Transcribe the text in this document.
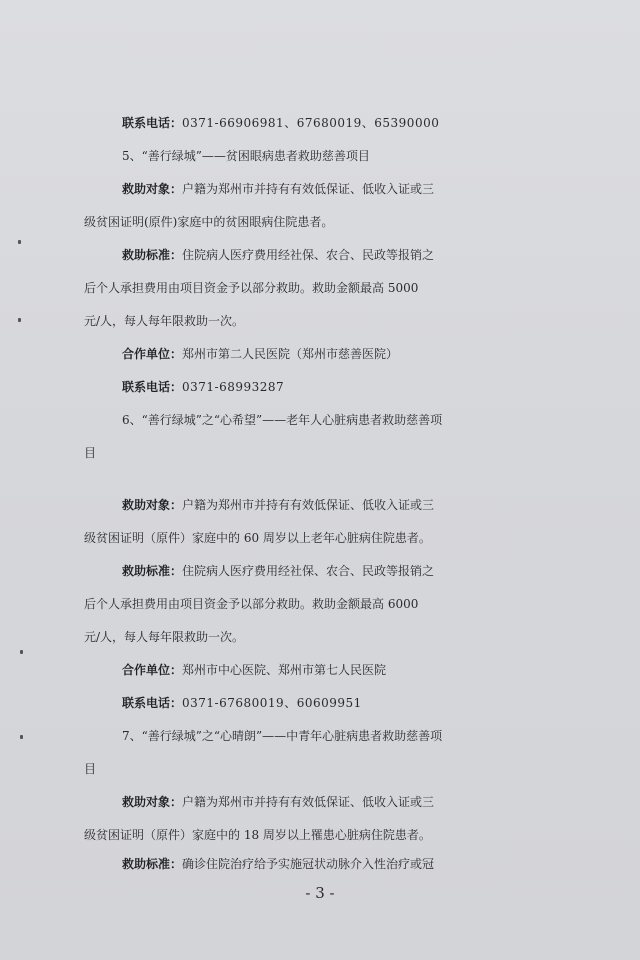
联系电话：0371-66906981、67680019、65390000
5、“善行绿城”——贫困眼病患者救助慈善项目
救助对象：户籍为郑州市并持有有效低保证、低收入证或三
级贫困证明(原件)家庭中的贫困眼病住院患者。
救助标准：住院病人医疗费用经社保、农合、民政等报销之
后个人承担费用由项目资金予以部分救助。救助金额最高 5000
元/人，每人每年限救助一次。
合作单位：郑州市第二人民医院（郑州市慈善医院）
联系电话：0371-68993287
6、“善行绿城”之“心希望”——老年人心脏病患者救助慈善项
目
救助对象：户籍为郑州市并持有有效低保证、低收入证或三
级贫困证明（原件）家庭中的 60 周岁以上老年心脏病住院患者。
救助标准：住院病人医疗费用经社保、农合、民政等报销之
后个人承担费用由项目资金予以部分救助。救助金额最高 6000
元/人，每人每年限救助一次。
合作单位：郑州市中心医院、郑州市第七人民医院
联系电话：0371-67680019、60609951
7、“善行绿城”之“心晴朗”——中青年心脏病患者救助慈善项
目
救助对象：户籍为郑州市并持有有效低保证、低收入证或三
级贫困证明（原件）家庭中的 18 周岁以上罹患心脏病住院患者。
救助标准：确诊住院治疗给予实施冠状动脉介入性治疗或冠
- 3 -
